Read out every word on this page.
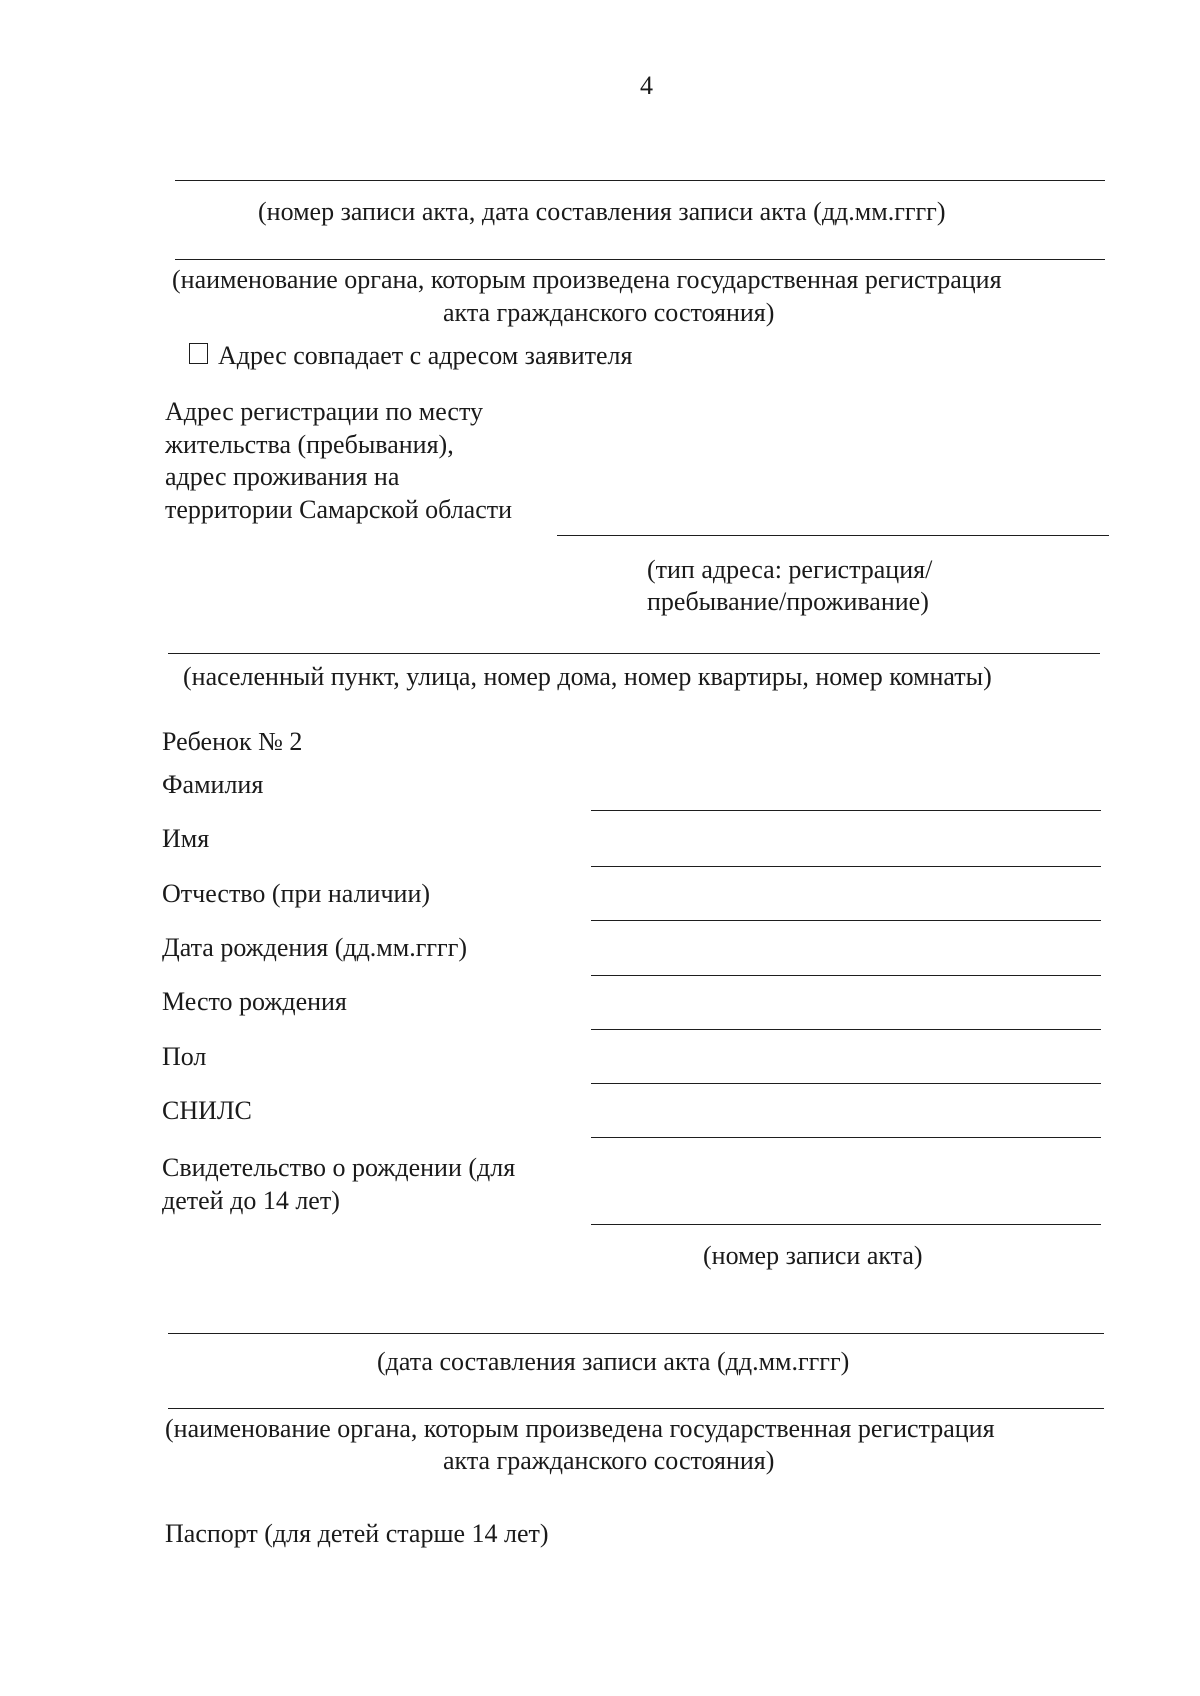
4
(номер записи акта, дата составления записи акта (дд.мм.гггг)
(наименование органа, которым произведена государственная регистрация
акта гражданского состояния)
Адрес совпадает с адресом заявителя
Адрес регистрации по месту
жительства (пребывания),
адрес проживания на
территории Самарской области
(тип адреса: регистрация/
пребывание/проживание)
(населенный пункт, улица, номер дома, номер квартиры, номер комнаты)
Ребенок № 2
Фамилия
Имя
Отчество (при наличии)
Дата рождения (дд.мм.гггг)
Место рождения
Пол
СНИЛС
Свидетельство о рождении (для
детей до 14 лет)
(номер записи акта)
(дата составления записи акта (дд.мм.гггг)
(наименование органа, которым произведена государственная регистрация
акта гражданского состояния)
Паспорт (для детей старше 14 лет)
